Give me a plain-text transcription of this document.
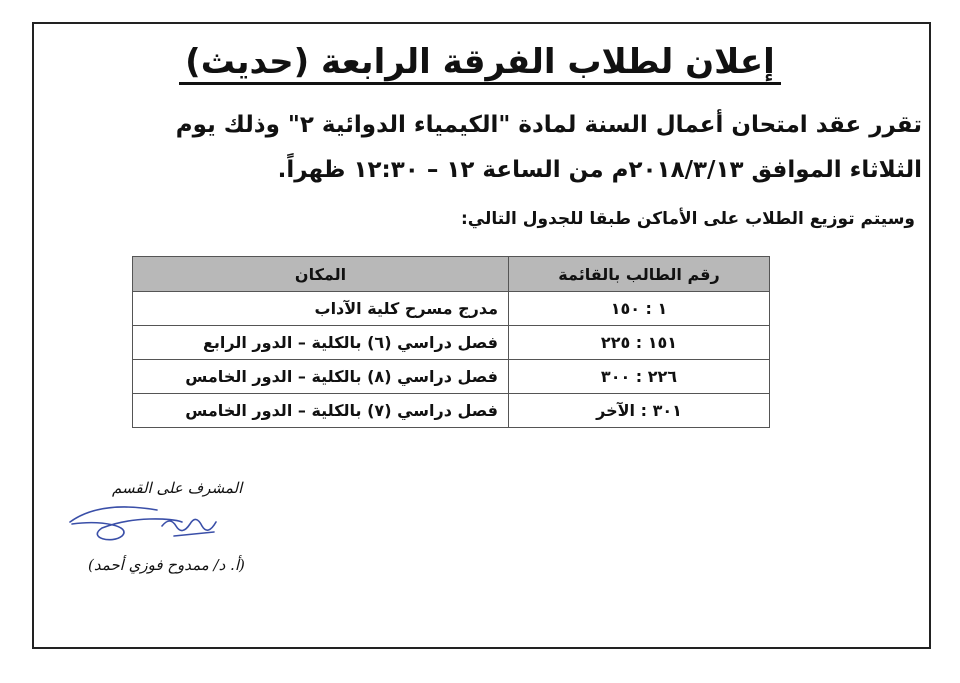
إعلان لطلاب الفرقة الرابعة (حديث)
تقرر عقد امتحان أعمال السنة لمادة "الكيمياء الدوائية ٢" وذلك يوم
الثلاثاء الموافق ٢٠١٨/٣/١٣م من الساعة ١٢ – ١٢:٣٠ ظهراً.
وسيتم توزيع الطلاب على الأماكن طبقا للجدول التالي:
رقم الطالب بالقائمة	المكان
١ : ١٥٠	مدرج مسرح كلية الآداب
١٥١ : ٢٢٥	فصل دراسي (٦) بالكلية – الدور الرابع
٢٢٦ : ٣٠٠	فصل دراسي (٨) بالكلية – الدور الخامس
٣٠١ : الآخر	فصل دراسي (٧) بالكلية – الدور الخامس
المشرف على القسم
(أ. د/ ممدوح فوزي أحمد)
